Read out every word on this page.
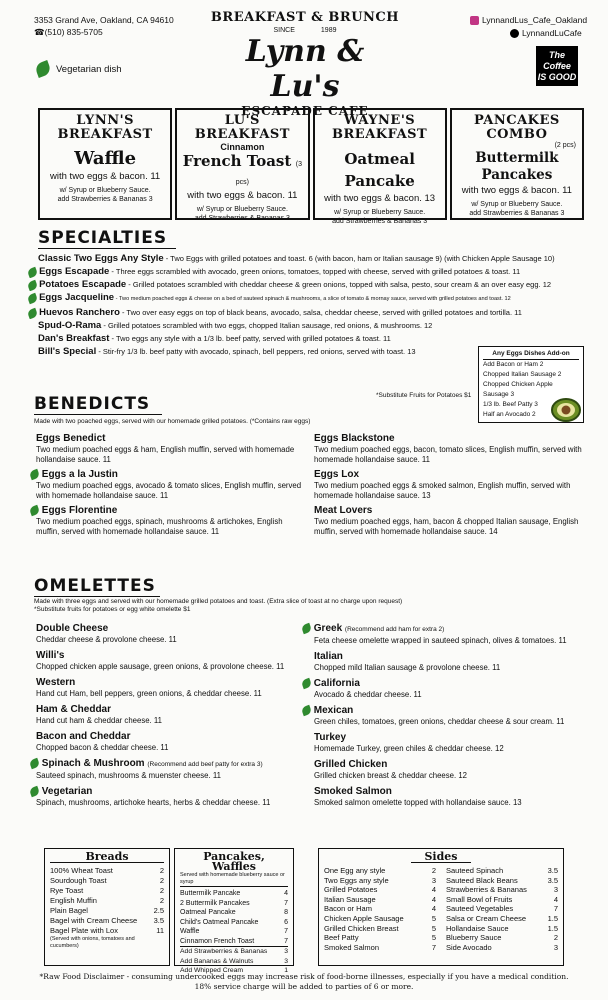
3353 Grand Ave, Oakland, CA 94610
☎(510) 835-5705
BREAKFAST & BRUNCH
SINCE	1989
Lynn & Lu's
ESCAPADE CAFE
LynnandLus_Cafe_Oakland
LynnandLuCafe
The
Coffee
IS GOOD
Vegetarian dish
LYNN'S
BREAKFAST
Waffle
with two eggs & bacon. 11
w/ Syrup or Blueberry Sauce.
add Strawberries & Bananas 3
LU'S
BREAKFAST
Cinnamon
French Toast (3 pcs)
with two eggs & bacon. 11
w/ Syrup or Blueberry Sauce.
add Strawberries & Bananas 3
WAYNE'S
BREAKFAST
Oatmeal Pancake
with two eggs & bacon. 13
w/ Syrup or Blueberry Sauce.
add Strawberries & Bananas 3
PANCAKES
COMBO
(2 pcs)
Buttermilk Pancakes
with two eggs & bacon. 11
w/ Syrup or Blueberry Sauce.
add Strawberries & Bananas 3
SPECIALTIES
Classic Two Eggs Any Style - Two Eggs with grilled potatoes and toast. 6 (with bacon, ham or Italian sausage 9) (with Chicken Apple Sausage 10)
Eggs Escapade - Three eggs scrambled with avocado, green onions, tomatoes, topped with cheese, served with grilled potatoes & toast. 11
Potatoes Escapade - Grilled potatoes scrambled with cheddar cheese & green onions, topped with salsa, pesto, sour cream & an over easy egg. 12
Eggs Jacqueline - Two medium poached eggs & cheese on a bed of sauteed spinach & mushrooms, a slice of tomato & mornay sauce, served with grilled potatoes and toast. 12
Huevos Ranchero - Two over easy eggs on top of black beans, avocado, salsa, cheddar cheese, served with grilled potatoes and tortilla. 11
Spud-O-Rama - Grilled potatoes scrambled with two eggs, chopped Italian sausage, red onions, & mushrooms. 12
Dan's Breakfast - Two eggs any style with a 1/3 lb. beef patty, served with grilled potatoes & toast. 11
Bill's Special - Stir-fry 1/3 lb. beef patty with avocado, spinach, bell peppers, red onions, served with toast. 13	Any Eggs Dishes Add-on
Add Bacon or Ham 2
Chopped Italian Sausage 2
Chopped Chicken Apple Sausage 3
1/3 lb. Beef Patty 3
Half an Avocado 2
*Substitute Fruits for Potatoes $1
BENEDICTS
Made with two poached eggs, served with our homemade grilled potatoes. (*Contains raw eggs)
Eggs Benedict
Two medium poached eggs & ham, English muffin, served with homemade hollandaise sauce. 11
Eggs a la Justin
Two medium poached eggs, avocado & tomato slices, English muffin, served with homemade hollandaise sauce. 11
Eggs Florentine
Two medium poached eggs, spinach, mushrooms & artichokes, English muffin, served with homemade hollandaise sauce. 11
Eggs Blackstone
Two medium poached eggs, bacon, tomato slices, English muffin, served with homemade hollandaise sauce. 11
Eggs Lox
Two medium poached eggs & smoked salmon, English muffin, served with homemade hollandaise sauce. 13
Meat Lovers
Two medium poached eggs, ham, bacon & chopped Italian sausage, English muffin, served with homemade hollandaise sauce. 14
OMELETTES
Made with three eggs and served with our homemade grilled potatoes and toast. (Extra slice of toast at no charge upon request)
*Substitute fruits for potatoes or egg white omelette $1
Double Cheese
Cheddar cheese & provolone cheese. 11
Willi's
Chopped chicken apple sausage, green onions, & provolone cheese. 11
Western
Hand cut Ham, bell peppers, green onions, & cheddar cheese. 11
Ham & Cheddar
Hand cut ham & cheddar cheese. 11
Bacon and Cheddar
Chopped bacon & cheddar cheese. 11
Spinach & Mushroom (Recommend add beef patty for extra 3)
Sauteed spinach, mushrooms & muenster cheese. 11
Vegetarian
Spinach, mushrooms, artichoke hearts, herbs & cheddar cheese. 11
Greek (Recommend add ham for extra 2)
Feta cheese omelette wrapped in sauteed spinach, olives & tomatoes. 11
Italian
Chopped mild Italian sausage & provolone cheese. 11
California
Avocado & cheddar cheese. 11
Mexican
Green chiles, tomatoes, green onions, cheddar cheese & sour cream. 11
Turkey
Homemade Turkey, green chiles & cheddar cheese. 12
Grilled Chicken
Grilled chicken breast & cheddar cheese. 12
Smoked Salmon
Smoked salmon omelette topped with hollandaise sauce. 13
Breads
100% Wheat Toast	2
Sourdough Toast	2
Rye Toast	2
English Muffin	2
Plain Bagel	2.5
Bagel with Cream Cheese 3.5
Bagel Plate with Lox	11
(Served with onions, tomatoes and cucumbers)
Pancakes, Waffles
Served with homemade blueberry sauce or syrup
Buttermilk Pancake	4
2 Buttermilk Pancakes	7
Oatmeal Pancake	8
Child's Oatmeal Pancake	6
Waffle	7
Cinnamon French Toast	7
Add Strawberries & Bananas 3
Add Bananas & Walnuts	3
Add Whipped Cream	1
Sides
One Egg any style	2
Two Eggs any style	3
Grilled Potatoes	4
Italian Sausage	4
Bacon or Ham	4
Chicken Apple Sausage	5
Grilled Chicken Breast	5
Beef Patty	5
Smoked Salmon	7
Sauteed Spinach	3.5
Sauteed Black Beans	3.5
Strawberries & Bananas	3
Small Bowl of Fruits	4
Sauteed Vegetables	7
Salsa or Cream Cheese	1.5
Hollandaise Sauce	1.5
Blueberry Sauce	2
Side Avocado	3
*Raw Food Disclaimer - consuming undercooked eggs may increase risk of food-borne illnesses, especially if you have a medical condition.
18% service charge will be added to parties of 6 or more.
